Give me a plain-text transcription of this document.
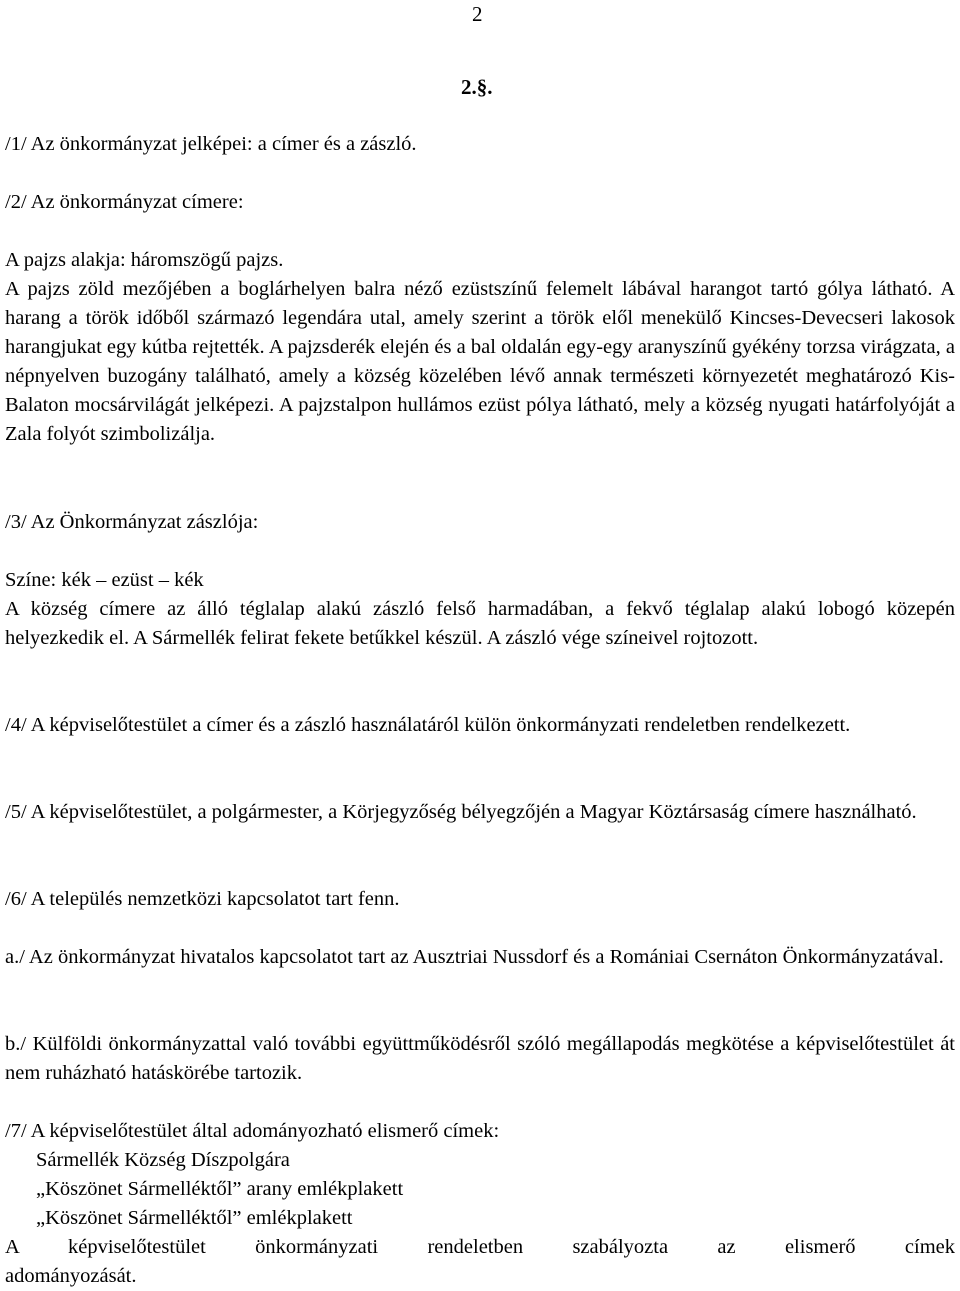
2
2.§.

/1/ Az önkormányzat jelképei: a címer és a zászló.

/2/ Az önkormányzat címere:

A pajzs alakja: háromszögű pajzs.

A pajzs zöld mezőjében a boglárhelyen balra néző ezüstszínű felemelt lábával harangot tartó gólya látható. A harang a török időből származó legendára utal, amely szerint a török elől menekülő Kincses-Devecseri lakosok harangjukat egy kútba rejtették. A pajzsderék elején és a bal oldalán egy-egy aranyszínű gyékény torzsa virágzata, a népnyelven buzogány található, amely a község közelében lévő annak természeti környezetét meghatározó Kis-Balaton mocsárvilágát jelképezi. A pajzstalpon hullámos ezüst pólya látható, mely a község nyugati határfolyóját a Zala folyót szimbolizálja.

/3/ Az Önkormányzat zászlója:

Színe: kék – ezüst – kék

A község címere az álló téglalap alakú zászló felső harmadában, a fekvő téglalap alakú lobogó közepén helyezkedik el. A Sármellék felirat fekete betűkkel készül. A zászló vége színeivel rojtozott.

/4/ A képviselőtestület a címer és a zászló használatáról külön önkormányzati rendeletben rendelkezett.

/5/ A képviselőtestület, a polgármester, a Körjegyzőség bélyegzőjén a Magyar Köztársaság címere használható.

/6/ A település nemzetközi kapcsolatot tart fenn.

a./ Az önkormányzat hivatalos kapcsolatot tart az Ausztriai Nussdorf és a Romániai Csernáton Önkormányzatával.

b./ Külföldi önkormányzattal való további együttműködésről szóló megállapodás megkötése a képviselőtestület át nem ruházható hatáskörébe tartozik.

/7/ A képviselőtestület által adományozható elismerő címek:

Sármellék Község Díszpolgára
„Köszönet Sármelléktől” arany emlékplakett
„Köszönet Sármelléktől” emlékplakett

A képviselőtestület önkormányzati rendeletben szabályozta az elismerő címek

adományozását.
